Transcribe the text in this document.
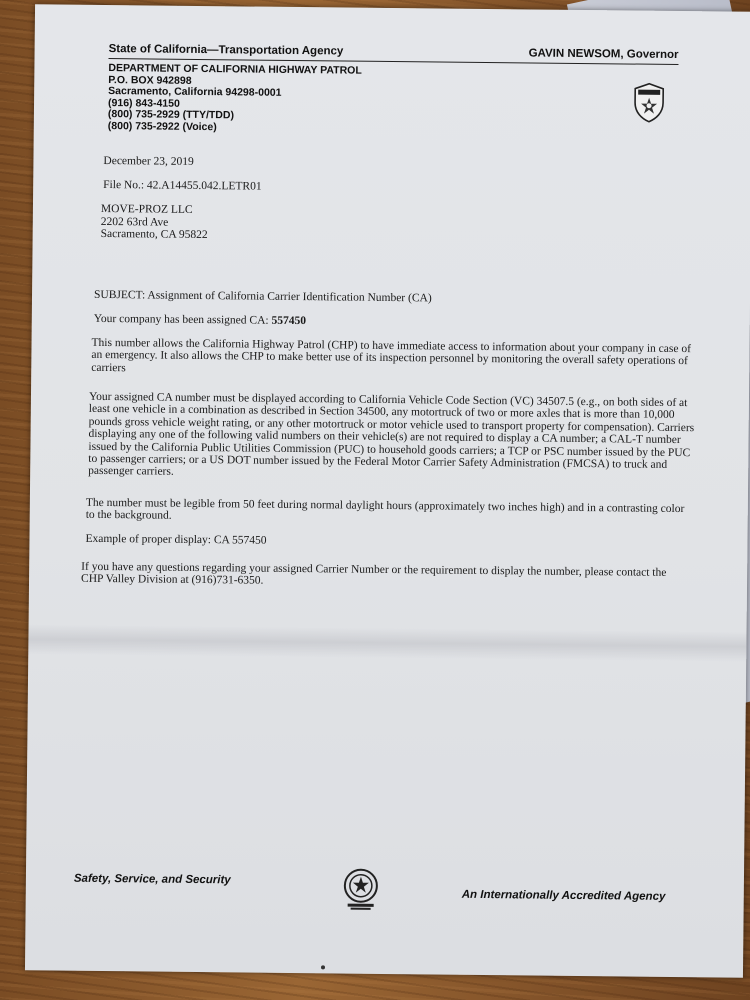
State of California—Transportation Agency	GAVIN NEWSOM, Governor
DEPARTMENT OF CALIFORNIA HIGHWAY PATROL
P.O. BOX 942898
Sacramento, California 94298-0001
(916) 843-4150
(800) 735-2929 (TTY/TDD)
(800) 735-2922 (Voice)
December 23, 2019
File No.: 42.A14455.042.LETR01
MOVE-PROZ LLC
2202 63rd Ave
Sacramento, CA 95822
SUBJECT: Assignment of California Carrier Identification Number (CA)
Your company has been assigned CA: 557450
This number allows the California Highway Patrol (CHP) to have immediate access to information about your company in case of an emergency. It also allows the CHP to make better use of its inspection personnel by monitoring the overall safety operations of carriers
Your assigned CA number must be displayed according to California Vehicle Code Section (VC) 34507.5 (e.g., on both sides of at least one vehicle in a combination as described in Section 34500, any motortruck of two or more axles that is more than 10,000 pounds gross vehicle weight rating, or any other motortruck or motor vehicle used to transport property for compensation). Carriers displaying any one of the following valid numbers on their vehicle(s) are not required to display a CA number; a CAL-T number issued by the California Public Utilities Commission (PUC) to household goods carriers; a TCP or PSC number issued by the PUC to passenger carriers; or a US DOT number issued by the Federal Motor Carrier Safety Administration (FMCSA) to truck and passenger carriers.
The number must be legible from 50 feet during normal daylight hours (approximately two inches high) and in a contrasting color to the background.
Example of proper display: CA 557450
If you have any questions regarding your assigned Carrier Number or the requirement to display the number, please contact the CHP Valley Division at (916)731-6350.
Safety, Service, and Security
An Internationally Accredited Agency
